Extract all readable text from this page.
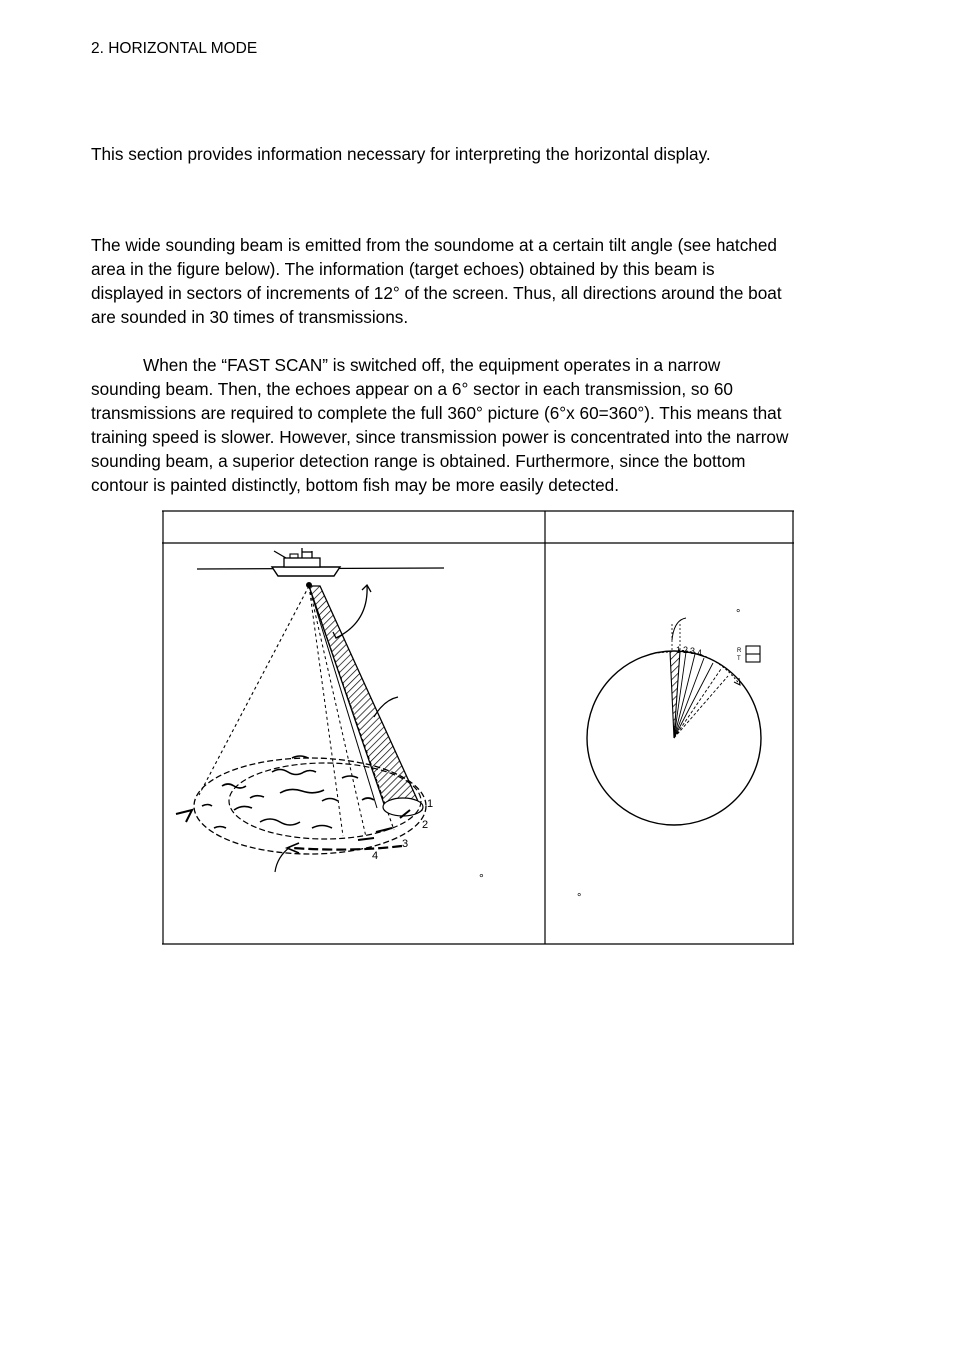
2. HORIZONTAL MODE
This section provides information necessary for interpreting the horizontal display.
The wide sounding beam is emitted from the soundome at a certain tilt angle (see hatched
area in the figure below). The information (target echoes) obtained by this beam is
displayed in sectors of increments of 12° of the screen. Thus, all directions around the boat
are sounded in 30 times of transmissions.
When the “FAST SCAN” is switched off, the equipment operates in a narrow
sounding beam. Then, the echoes appear on a 6° sector in each transmission, so 60
transmissions are required to complete the full 360° picture (6°x 60=360°). This means that
training speed is slower. However, since transmission power is concentrated into the narrow
sounding beam, a superior detection range is obtained. Furthermore, since the bottom
contour is painted distinctly, bottom fish may be more easily detected.
1
2
3
4
°
1 2 3 4	R
T
°
°
